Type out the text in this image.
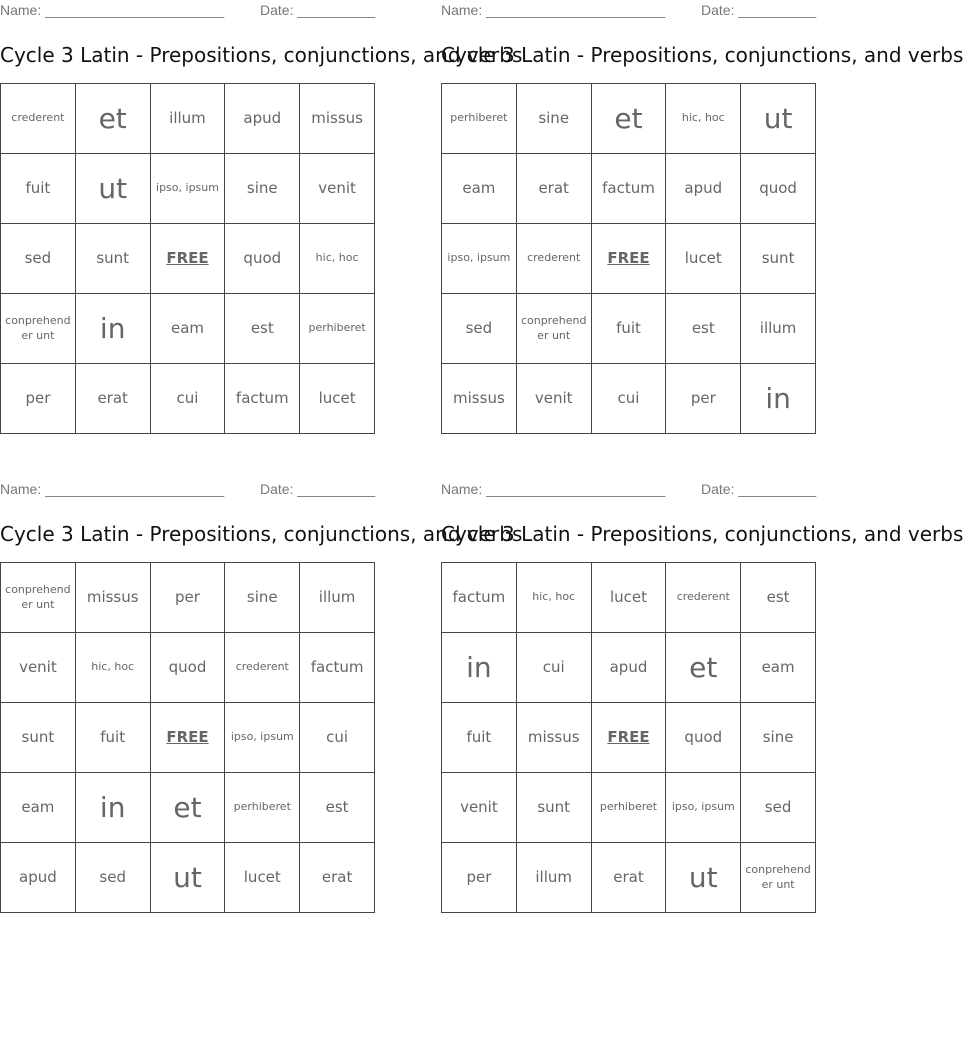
Name: _______________________	Date: __________
Cycle 3 Latin - Prepositions, conjunctions, and verbs
crederent	et	illum	apud	missus
fuit	ut	ipso, ipsum	sine	venit
sed	sunt	FREE	quod	hic, hoc
conprehender unt	in	eam	est	perhiberet
per	erat	cui	factum	lucet
Name: _______________________	Date: __________
Cycle 3 Latin - Prepositions, conjunctions, and verbs
perhiberet	sine	et	hic, hoc	ut
eam	erat	factum	apud	quod
ipso, ipsum	crederent	FREE	lucet	sunt
sed	conprehender unt	fuit	est	illum
missus	venit	cui	per	in
Name: _______________________	Date: __________
Cycle 3 Latin - Prepositions, conjunctions, and verbs
conprehender unt	missus	per	sine	illum
venit	hic, hoc	quod	crederent	factum
sunt	fuit	FREE	ipso, ipsum	cui
eam	in	et	perhiberet	est
apud	sed	ut	lucet	erat
Name: _______________________	Date: __________
Cycle 3 Latin - Prepositions, conjunctions, and verbs
factum	hic, hoc	lucet	crederent	est
in	cui	apud	et	eam
fuit	missus	FREE	quod	sine
venit	sunt	perhiberet	ipso, ipsum	sed
per	illum	erat	ut	conprehender unt
